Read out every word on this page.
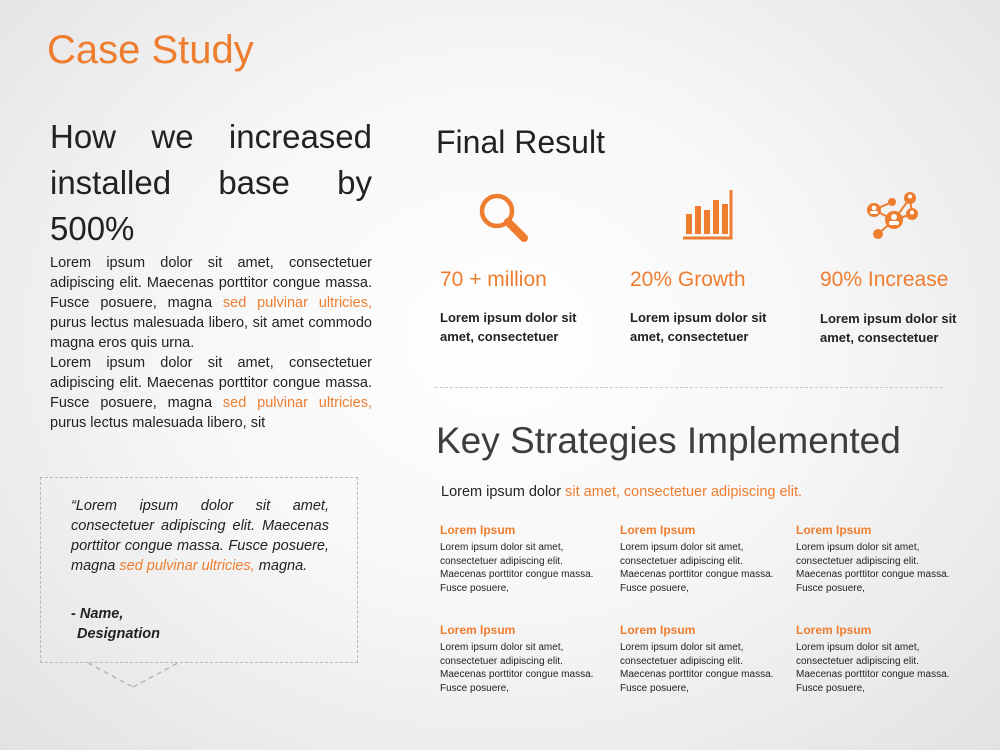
Case Study
How we increased installed base by 500%

Lorem ipsum dolor sit amet, consectetuer adipiscing elit. Maecenas porttitor congue massa. Fusce posuere, magna sed pulvinar ultricies, purus lectus malesuada libero, sit amet commodo magna eros quis urna.

Lorem ipsum dolor sit amet, consectetuer adipiscing elit. Maecenas porttitor congue massa. Fusce posuere, magna sed pulvinar ultricies, purus lectus malesuada libero, sit

“Lorem ipsum dolor sit amet, consectetuer adipiscing elit. Maecenas porttitor congue massa. Fusce posuere, magna sed pulvinar ultricies, magna.

- Name,
Designation

Final Result
70 + million
Lorem ipsum dolor sit amet, consectetuer
20% Growth
Lorem ipsum dolor sit amet, consectetuer
90% Increase
Lorem ipsum dolor sit amet, consectetuer
Key Strategies Implemented

Lorem ipsum dolor sit amet, consectetuer adipiscing elit.

Lorem Ipsum

Lorem ipsum dolor sit amet, consectetuer adipiscing elit. Maecenas porttitor congue massa. Fusce posuere,

Lorem Ipsum

Lorem ipsum dolor sit amet, consectetuer adipiscing elit. Maecenas porttitor congue massa. Fusce posuere,

Lorem Ipsum

Lorem ipsum dolor sit amet, consectetuer adipiscing elit. Maecenas porttitor congue massa. Fusce posuere,

Lorem Ipsum

Lorem ipsum dolor sit amet, consectetuer adipiscing elit. Maecenas porttitor congue massa. Fusce posuere,

Lorem Ipsum

Lorem ipsum dolor sit amet, consectetuer adipiscing elit. Maecenas porttitor congue massa. Fusce posuere,

Lorem Ipsum

Lorem ipsum dolor sit amet, consectetuer adipiscing elit. Maecenas porttitor congue massa. Fusce posuere,
